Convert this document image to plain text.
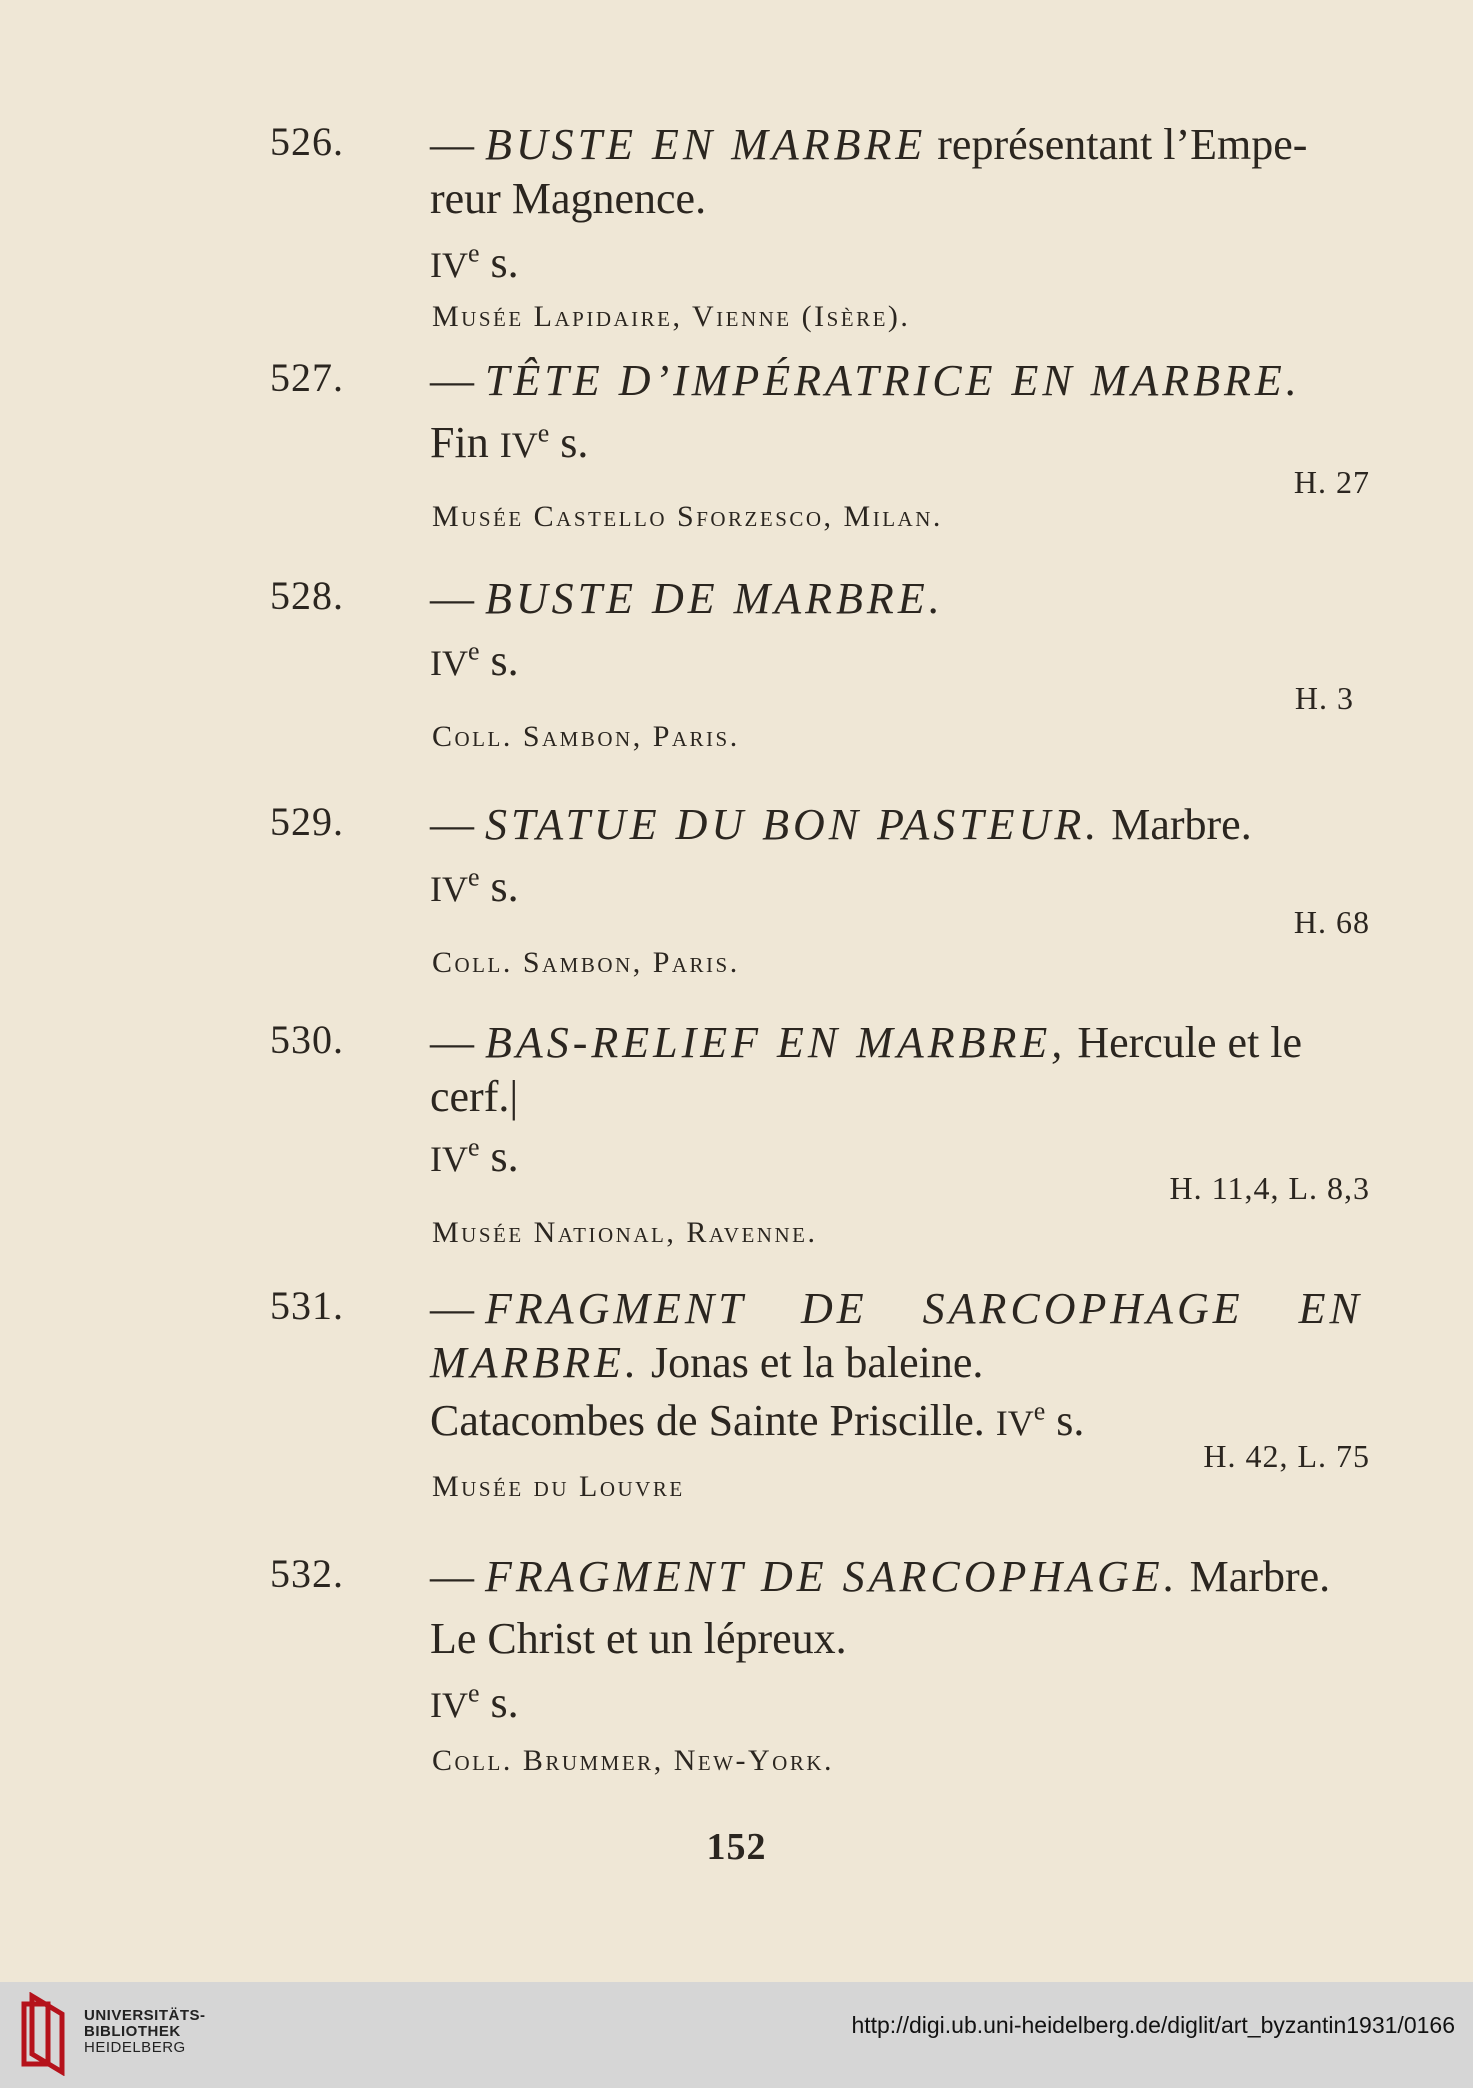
526. — BUSTE EN MARBRE représentant l’Empe-
reur Magnence.
IVe s.
Musée Lapidaire, Vienne (Isère).
527. — TÊTE D’IMPÉRATRICE EN MARBRE.
Fin IVe s.
H. 27
Musée Castello Sforzesco, Milan.
528. — BUSTE DE MARBRE.
IVe s.
H. 3
Coll. Sambon, Paris.
529. — STATUE DU BON PASTEUR. Marbre.
IVe s.
H. 68
Coll. Sambon, Paris.
530. — BAS-RELIEF EN MARBRE, Hercule et le
cerf.|
IVe s.
H. 11,4, L. 8,3
Musée National, Ravenne.
531. — FRAGMENT DE SARCOPHAGE EN
MARBRE. Jonas et la baleine.
Catacombes de Sainte Priscille. IVe s.
H. 42, L. 75
Musée du Louvre
532. — FRAGMENT DE SARCOPHAGE. Marbre.
Le Christ et un lépreux.
IVe s.
Coll. Brummer, New-York.
152
UNIVERSITÄTS-
BIBLIOTHEK
HEIDELBERG
http://digi.ub.uni-heidelberg.de/diglit/art_byzantin1931/0166
